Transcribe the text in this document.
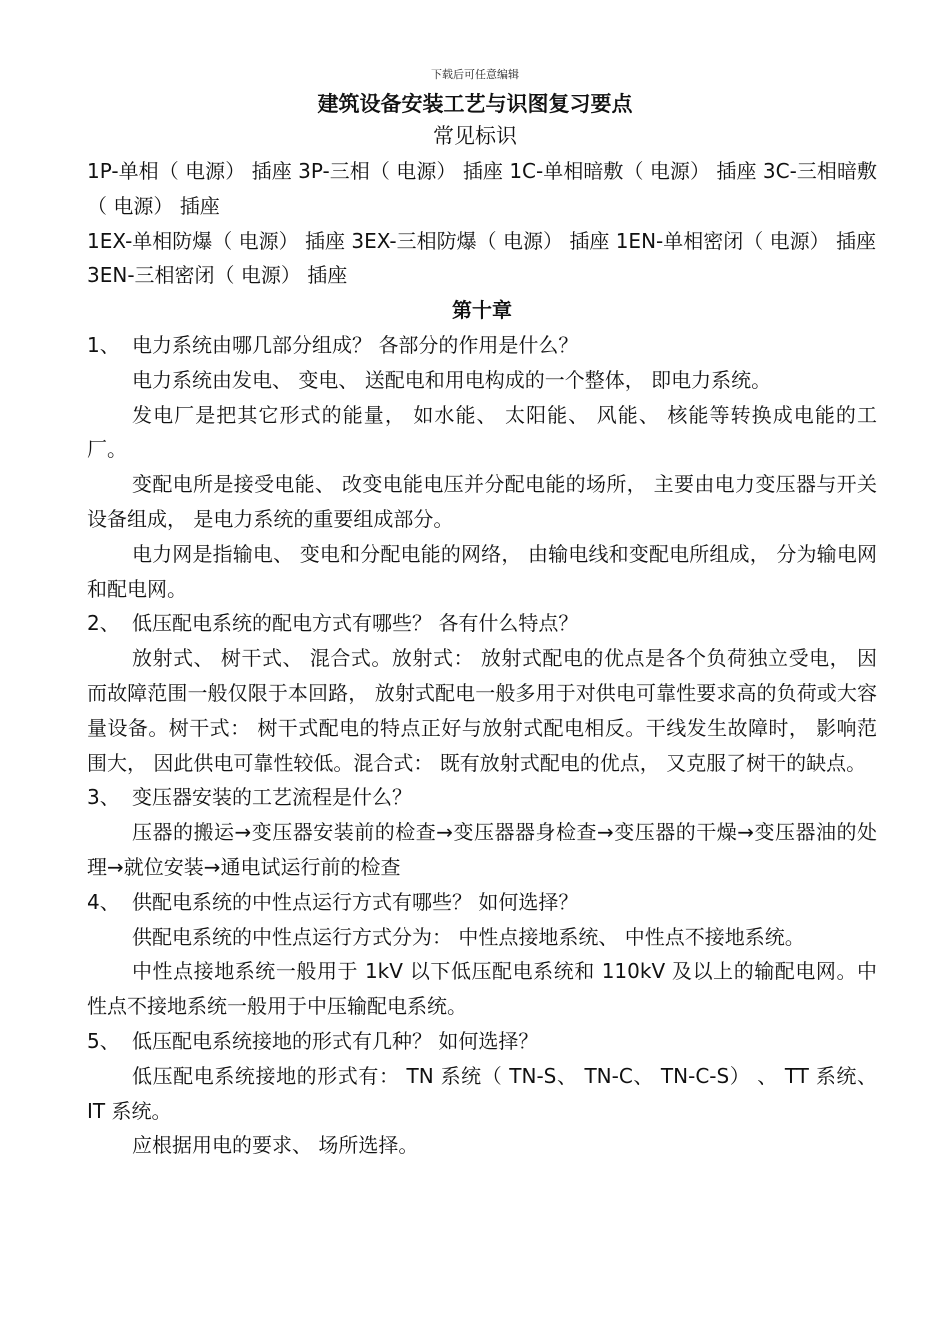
下载后可任意编辑
建筑设备安装工艺与识图复习要点
常见标识

1P-单相（ 电源） 插座 3P-三相（ 电源） 插座 1C-单相暗敷（ 电源） 插座 3C-三相暗敷（ 电源） 插座

1EX-单相防爆（ 电源） 插座 3EX-三相防爆（ 电源） 插座 1EN-单相密闭（ 电源） 插座

3EN-三相密闭（ 电源） 插座

第十章

1、 电力系统由哪几部分组成？ 各部分的作用是什么？

电力系统由发电、 变电、 送配电和用电构成的一个整体， 即电力系统。

发电厂是把其它形式的能量， 如水能、 太阳能、 风能、 核能等转换成电能的工厂。

变配电所是接受电能、 改变电能电压并分配电能的场所， 主要由电力变压器与开关设备组成， 是电力系统的重要组成部分。

电力网是指输电、 变电和分配电能的网络， 由输电线和变配电所组成， 分为输电网和配电网。

2、 低压配电系统的配电方式有哪些？ 各有什么特点？

放射式、 树干式、 混合式。放射式： 放射式配电的优点是各个负荷独立受电， 因而故障范围一般仅限于本回路， 放射式配电一般多用于对供电可靠性要求高的负荷或大容量设备。树干式： 树干式配电的特点正好与放射式配电相反。干线发生故障时， 影响范围大， 因此供电可靠性较低。混合式： 既有放射式配电的优点， 又克服了树干的缺点。

3、 变压器安装的工艺流程是什么？

压器的搬运→变压器安装前的检查→变压器器身检查→变压器的干燥→变压器油的处理→就位安装→通电试运行前的检查

4、 供配电系统的中性点运行方式有哪些？ 如何选择？

供配电系统的中性点运行方式分为： 中性点接地系统、 中性点不接地系统。

中性点接地系统一般用于 1kV 以下低压配电系统和 110kV 及以上的输配电网。中性点不接地系统一般用于中压输配电系统。

5、 低压配电系统接地的形式有几种？ 如何选择？

低压配电系统接地的形式有： TN 系统（ TN-S、 TN-C、 TN-C-S） 、 TT 系统、 IT 系统。

应根据用电的要求、 场所选择。
